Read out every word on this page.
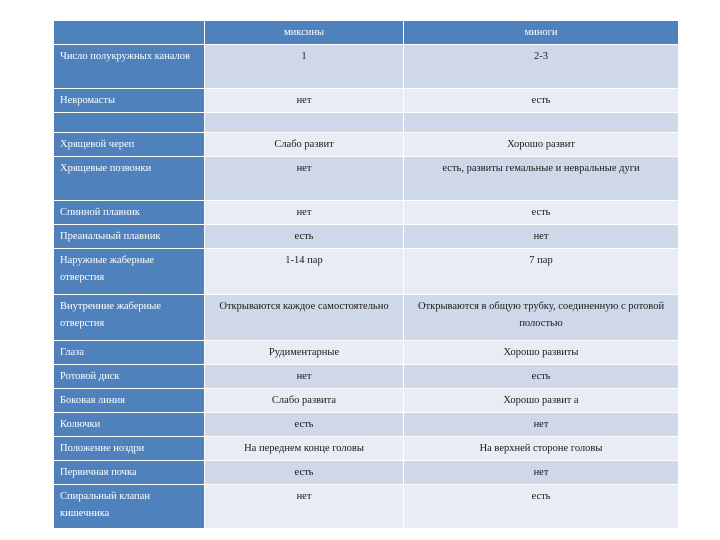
	миксины	миноги
Число полукружных каналов	1	2-3
Невромасты	нет	есть

Хрящевой череп	Слабо развит	Хорошо развит
Хрящевые позвонки	нет	есть, развиты гемальные и невральные дуги
Спинной плавник	нет	есть
Преанальный плавник	есть	нет
Наружные жаберные отверстия	1-14 пар	7 пар
Внутренние жаберные отверстия	Открываются каждое самостоятельно	Открываются в общую трубку, соединенную с ротовой полостью
Глаза	Рудиментарные	Хорошо развиты
Ротовой диск	нет	есть
Боковая линия	Слабо развита	Хорошо развит а
Колючки	есть	нет
Положение ноздри	На переднем конце головы	На верхней стороне головы
Первичная почка	есть	нет
Спиральный клапан кишечника	нет	есть
